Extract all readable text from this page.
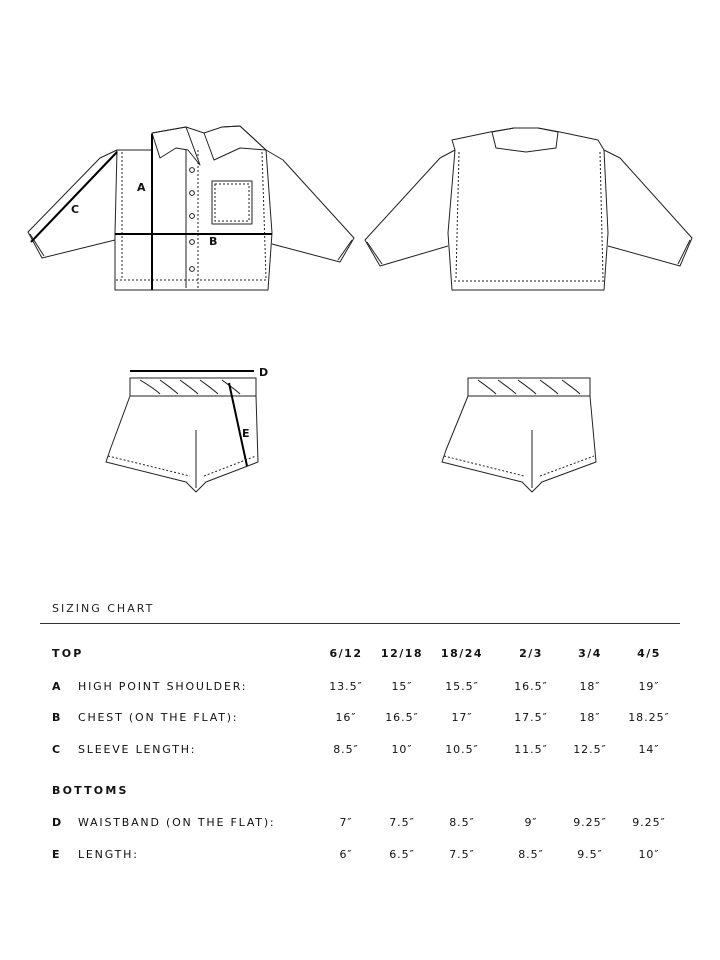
A
B
C
D
E
SIZING CHART
TOP	6/12	12/18	18/24	2/3	3/4	4/5
A HIGH POINT SHOULDER:	13.5″	15″	15.5″	16.5″	18″	19″
B CHEST (ON THE FLAT):	16″	16.5″	17″	17.5″	18″	18.25″
C SLEEVE LENGTH:	8.5″	10″	10.5″	11.5″	12.5″	14″
BOTTOMS
D WAISTBAND (ON THE FLAT):	7″	7.5″	8.5″	9″	9.25″	9.25″
E LENGTH:	6″	6.5″	7.5″	8.5″	9.5″	10″
